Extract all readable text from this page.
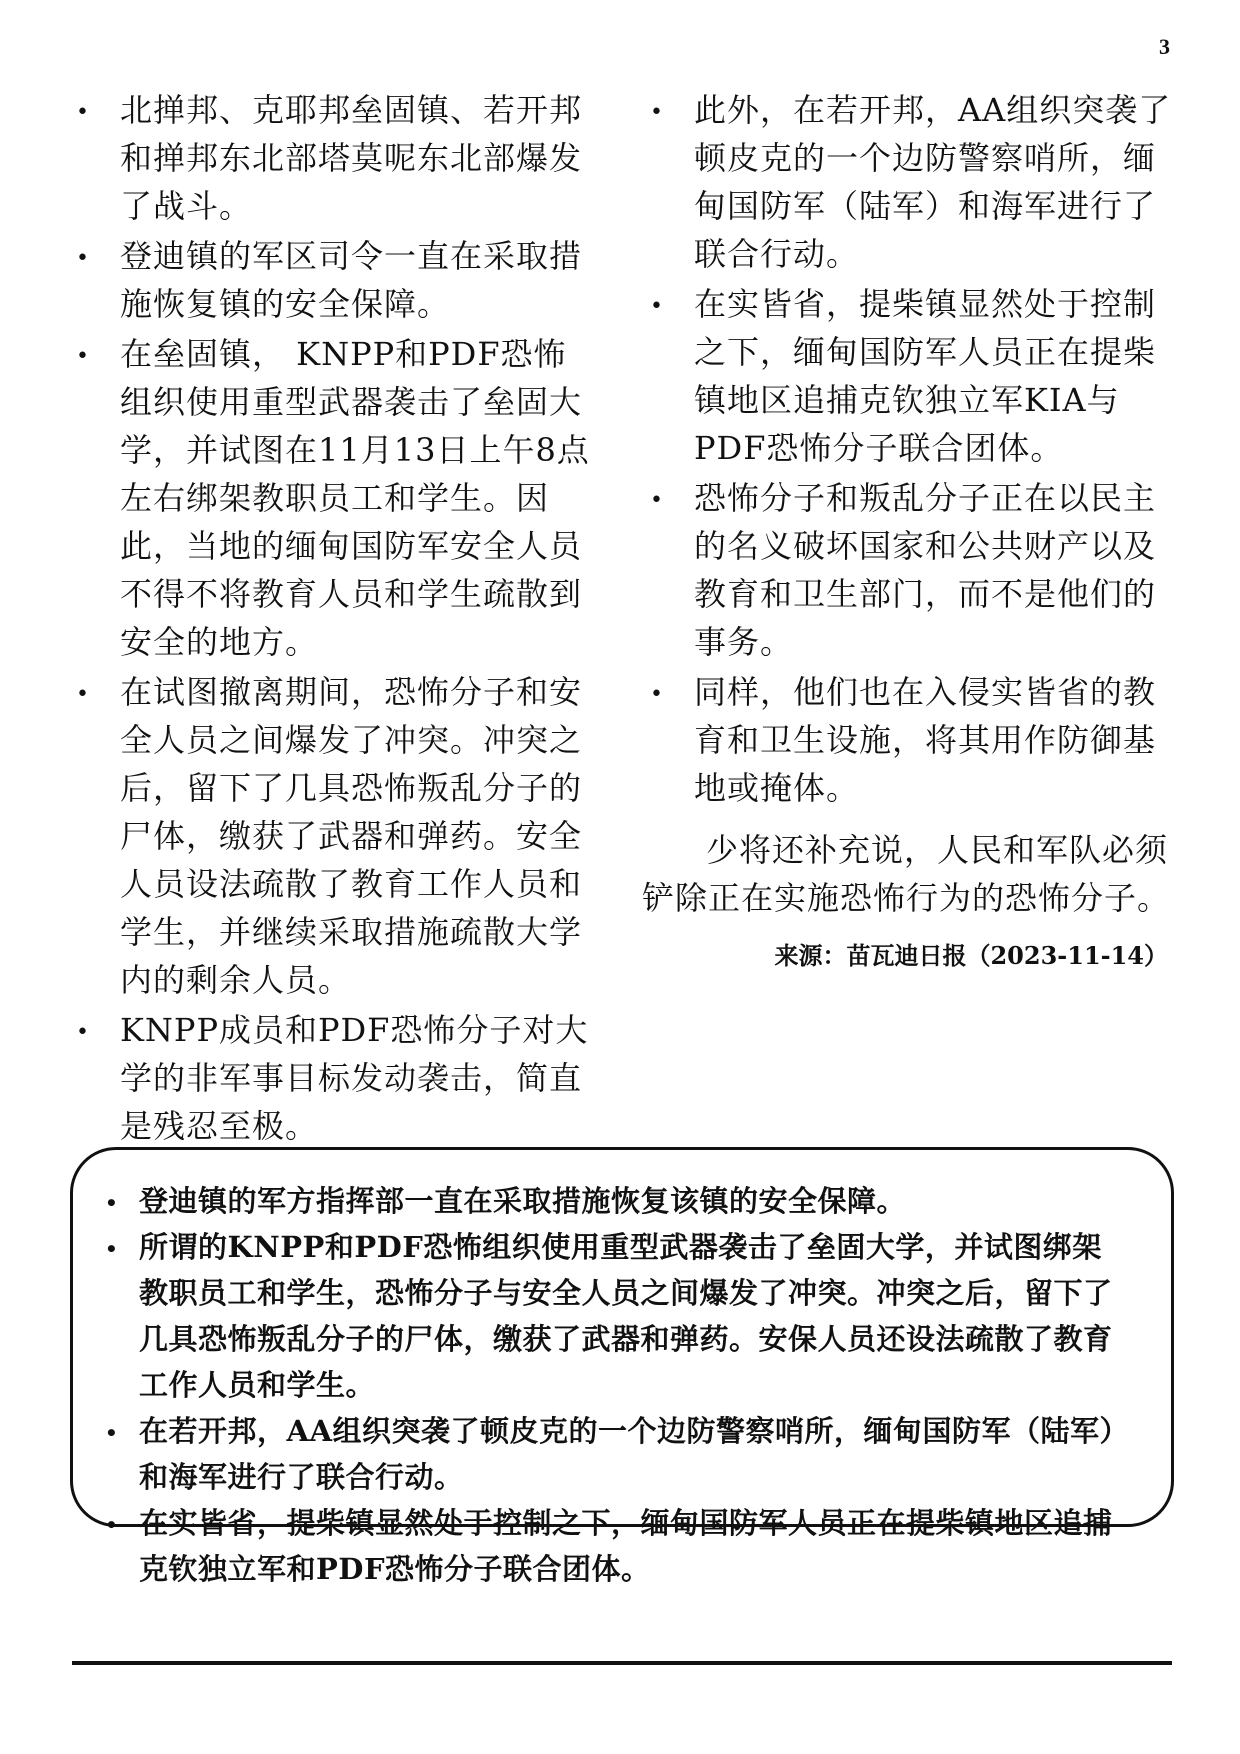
3
• 北掸邦、克耶邦垒固镇、若开邦和掸邦东北部塔莫呢东北部爆发了战斗。
• 登迪镇的军区司令一直在采取措施恢复镇的安全保障。
• 在垒固镇， KNPP和PDF恐怖组织使用重型武器袭击了垒固大学，并试图在11月13日上午8点左右绑架教职员工和学生。因此，当地的缅甸国防军安全人员不得不将教育人员和学生疏散到安全的地方。
• 在试图撤离期间，恐怖分子和安全人员之间爆发了冲突。冲突之后，留下了几具恐怖叛乱分子的尸体，缴获了武器和弹药。安全人员设法疏散了教育工作人员和学生，并继续采取措施疏散大学内的剩余人员。
• KNPP成员和PDF恐怖分子对大学的非军事目标发动袭击，简直是残忍至极。
• 此外，在若开邦，AA组织突袭了顿皮克的一个边防警察哨所，缅甸国防军（陆军）和海军进行了联合行动。
• 在实皆省，提柴镇显然处于控制之下，缅甸国防军人员正在提柴镇地区追捕克钦独立军KIA与PDF恐怖分子联合团体。
• 恐怖分子和叛乱分子正在以民主的名义破坏国家和公共财产以及教育和卫生部门，而不是他们的事务。
• 同样，他们也在入侵实皆省的教育和卫生设施，将其用作防御基地或掩体。

少将还补充说，人民和军队必须铲除正在实施恐怖行为的恐怖分子。

来源：苗瓦迪日报（2023-11-14）
• 登迪镇的军方指挥部一直在采取措施恢复该镇的安全保障。
• 所谓的KNPP和PDF恐怖组织使用重型武器袭击了垒固大学，并试图绑架教职员工和学生，恐怖分子与安全人员之间爆发了冲突。冲突之后，留下了几具恐怖叛乱分子的尸体，缴获了武器和弹药。安保人员还设法疏散了教育工作人员和学生。
• 在若开邦，AA组织突袭了顿皮克的一个边防警察哨所，缅甸国防军（陆军）和海军进行了联合行动。
• 在实皆省，提柴镇显然处于控制之下，缅甸国防军人员正在提柴镇地区追捕克钦独立军和PDF恐怖分子联合团体。
